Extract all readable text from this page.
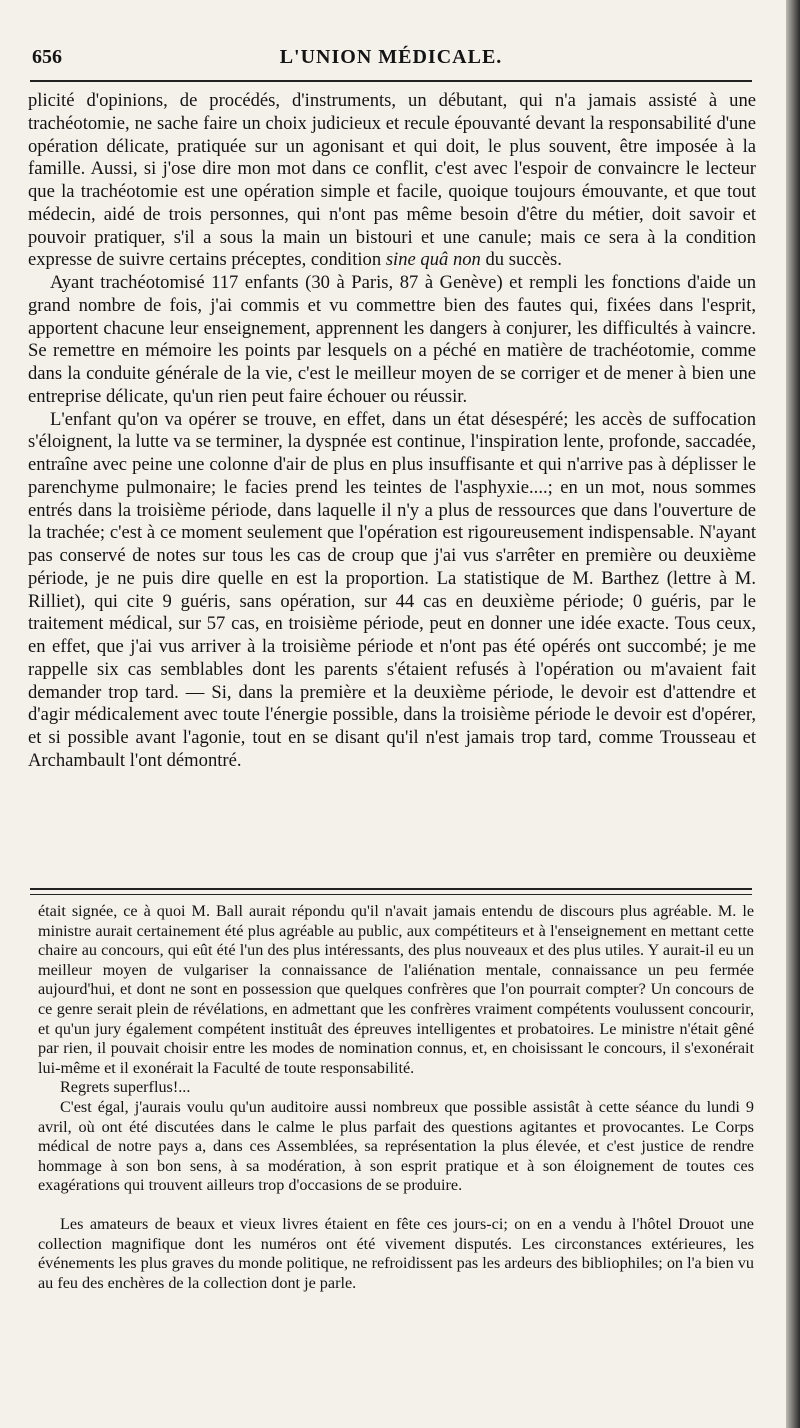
656	L'UNION MÉDICALE.

plicité d'opinions, de procédés, d'instruments, un débutant, qui n'a jamais assisté à une trachéotomie, ne sache faire un choix judicieux et recule épouvanté devant la responsabilité d'une opération délicate, pratiquée sur un agonisant et qui doit, le plus souvent, être imposée à la famille. Aussi, si j'ose dire mon mot dans ce conflit, c'est avec l'espoir de convaincre le lecteur que la trachéotomie est une opération simple et facile, quoique toujours émouvante, et que tout médecin, aidé de trois personnes, qui n'ont pas même besoin d'être du métier, doit savoir et pouvoir pratiquer, s'il a sous la main un bistouri et une canule; mais ce sera à la condition expresse de suivre certains préceptes, condition sine quâ non du succès.

Ayant trachéotomisé 117 enfants (30 à Paris, 87 à Genève) et rempli les fonctions d'aide un grand nombre de fois, j'ai commis et vu commettre bien des fautes qui, fixées dans l'esprit, apportent chacune leur enseignement, apprennent les dangers à conjurer, les difficultés à vaincre. Se remettre en mémoire les points par lesquels on a péché en matière de trachéotomie, comme dans la conduite générale de la vie, c'est le meilleur moyen de se corriger et de mener à bien une entreprise délicate, qu'un rien peut faire échouer ou réussir.

L'enfant qu'on va opérer se trouve, en effet, dans un état désespéré; les accès de suffocation s'éloignent, la lutte va se terminer, la dyspnée est continue, l'inspiration lente, profonde, saccadée, entraîne avec peine une colonne d'air de plus en plus insuffisante et qui n'arrive pas à déplisser le parenchyme pulmonaire; le facies prend les teintes de l'asphyxie....; en un mot, nous sommes entrés dans la troisième période, dans laquelle il n'y a plus de ressources que dans l'ouverture de la trachée; c'est à ce moment seulement que l'opération est rigoureusement indispensable. N'ayant pas conservé de notes sur tous les cas de croup que j'ai vus s'arrêter en première ou deuxième période, je ne puis dire quelle en est la proportion. La statistique de M. Barthez (lettre à M. Rilliet), qui cite 9 guéris, sans opération, sur 44 cas en deuxième période; 0 guéris, par le traitement médical, sur 57 cas, en troisième période, peut en donner une idée exacte. Tous ceux, en effet, que j'ai vus arriver à la troisième période et n'ont pas été opérés ont succombé; je me rappelle six cas semblables dont les parents s'étaient refusés à l'opération ou m'avaient fait demander trop tard. — Si, dans la première et la deuxième période, le devoir est d'attendre et d'agir médicalement avec toute l'énergie possible, dans la troisième période le devoir est d'opérer, et si possible avant l'agonie, tout en se disant qu'il n'est jamais trop tard, comme Trousseau et Archambault l'ont démontré.

était signée, ce à quoi M. Ball aurait répondu qu'il n'avait jamais entendu de discours plus agréable. M. le ministre aurait certainement été plus agréable au public, aux compétiteurs et à l'enseignement en mettant cette chaire au concours, qui eût été l'un des plus intéressants, des plus nouveaux et des plus utiles. Y aurait-il eu un meilleur moyen de vulgariser la connaissance de l'aliénation mentale, connaissance un peu fermée aujourd'hui, et dont ne sont en possession que quelques confrères que l'on pourrait compter? Un concours de ce genre serait plein de révélations, en admettant que les confrères vraiment compétents voulussent concourir, et qu'un jury également compétent instituât des épreuves intelligentes et probatoires. Le ministre n'était gêné par rien, il pouvait choisir entre les modes de nomination connus, et, en choisissant le concours, il s'exonérait lui-même et il exonérait la Faculté de toute responsabilité.

Regrets superflus!...

C'est égal, j'aurais voulu qu'un auditoire aussi nombreux que possible assistât à cette séance du lundi 9 avril, où ont été discutées dans le calme le plus parfait des questions agitantes et provocantes. Le Corps médical de notre pays a, dans ces Assemblées, sa représentation la plus élevée, et c'est justice de rendre hommage à son bon sens, à sa modération, à son esprit pratique et à son éloignement de toutes ces exagérations qui trouvent ailleurs trop d'occasions de se produire.

Les amateurs de beaux et vieux livres étaient en fête ces jours-ci; on en a vendu à l'hôtel Drouot une collection magnifique dont les numéros ont été vivement disputés. Les circonstances extérieures, les événements les plus graves du monde politique, ne refroidissent pas les ardeurs des bibliophiles; on l'a bien vu au feu des enchères de la collection dont je parle.
